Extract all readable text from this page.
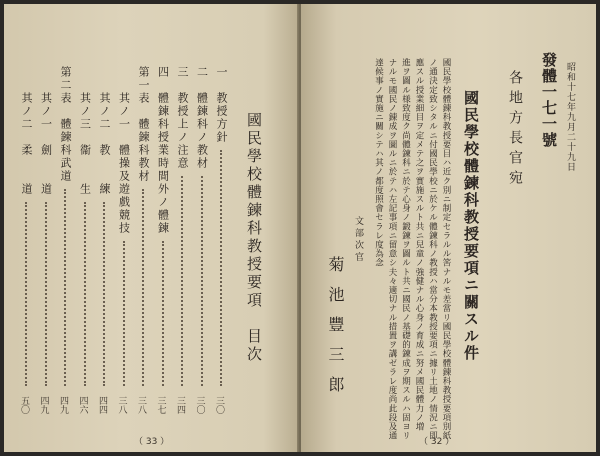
國民學校體鍊科教授要項　目次
一　教授方針
三〇
二　體鍊科ノ教材
三〇
三　教授上ノ注意
三四
四　體鍊科授業時間外ノ體鍊
三七
第一表　體鍊科教材
三八
其ノ一　體操及遊戲競技
三八
其ノ二　教　　練
四四
其ノ三　衞　　生
四六
第二表　體鍊科武道
四九
其ノ一　劍　　道
四九
其ノ二　柔　　道
五〇
（ 33 ）
發體一七一號 昭和十七年九月二十九日
各地方長官宛
國民學校體鍊科教授要項ニ關スル件
國民學校體鍊科教授要目ハ近ク別ニ制定セラルル筈ナルモ差當リ國民學校體鍊科教授要項別紙
ノ通決定致シタルニ付國民學校ニ於ケル體鍊科ノ教授ハ當分本教授要項ニ據リ土地ノ情況ニ即
應スル授業細目ヲ定メテ之ヲ實施スルト共ニ兒童ノ強健ナル心身ノ育成ニ努メ國民體力ノ増
進ヲ圖ル様致度ク尚體鍊科ニ於テ心身ノ鍛鍊ヲ圖ルト共ニ國民ノ基礎的錬成ヲ期スルハ固ヨリ
ナルモ國民ノ錬成ヲ圖ルニ於テハ左記事項ニ留意シ夫々適切ナル措置ヲ講ゼラレ度尚此段及通
達候事ノ實施ニ關シテハ其ノ都度照會セラレ度為念
文部次官
菊池豐三郎
（ 32 ）
